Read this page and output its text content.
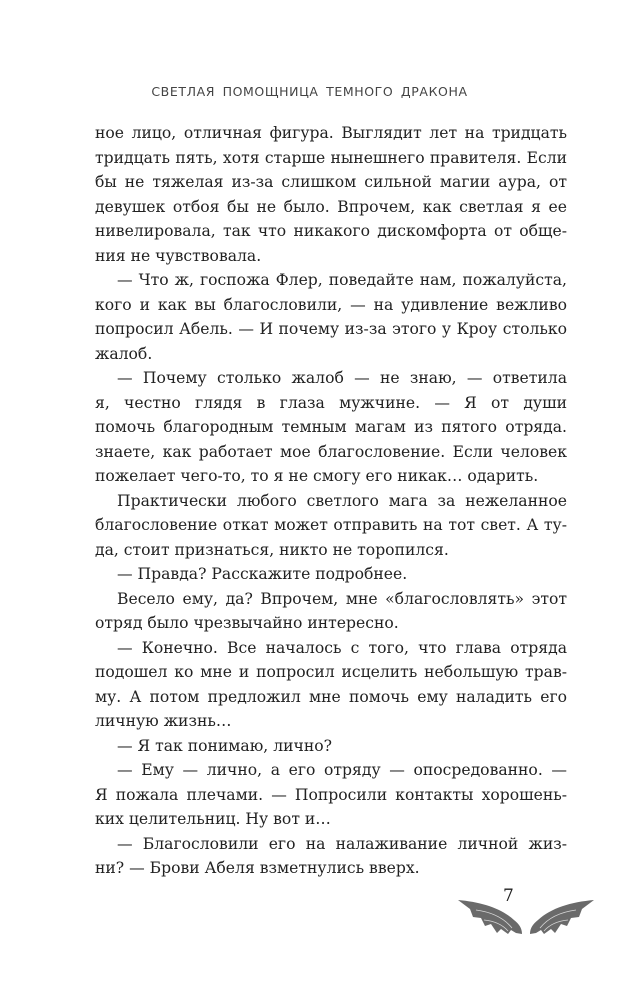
СВЕТЛАЯ ПОМОЩНИЦА ТЕМНОГО ДРАКОНА
ное лицо, отличная фигура. Выглядит лет на тридцать
тридцать пять, хотя старше нынешнего правителя. Если
бы не тяжелая из-за слишком сильной магии аура, от
девушек отбоя бы не было. Впрочем, как светлая я ее
нивелировала, так что никакого дискомфорта от обще-
ния не чувствовала.
— Что ж, госпожа Флер, поведайте нам, пожалуйста,
кого и как вы благословили, — на удивление вежливо
попросил Абель. — И почему из-за этого у Кроу столько
жалоб.
— Почему столько жалоб — не знаю, — ответила
я, честно глядя в глаза мужчине. — Я от души
помочь благородным темным магам из пятого отряда.
знаете, как работает мое благословение. Если человек
пожелает чего-то, то я не смогу его никак… одарить.
Практически любого светлого мага за нежеланное
благословение откат может отправить на тот свет. А ту-
да, стоит признаться, никто не торопился.
— Правда? Расскажите подробнее.
Весело ему, да? Впрочем, мне «благословлять» этот
отряд было чрезвычайно интересно.
— Конечно. Все началось с того, что глава отряда
подошел ко мне и попросил исцелить небольшую трав-
му. А потом предложил мне помочь ему наладить его
личную жизнь…
— Я так понимаю, лично?
— Ему — лично, а его отряду — опосредованно. —
Я пожала плечами. — Попросили контакты хорошень-
ких целительниц. Ну вот и…
— Благословили его на налаживание личной жиз-
ни? — Брови Абеля взметнулись вверх.
7
